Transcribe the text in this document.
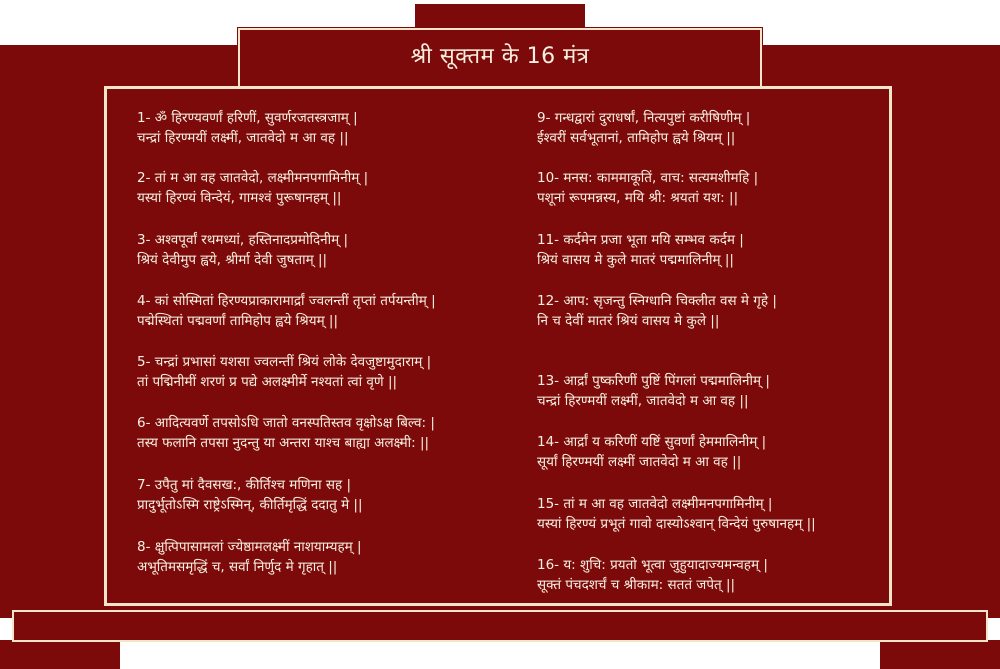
श्री सूक्तम के 16 मंत्र
1- ॐ हिरण्यवर्णां हरिणीं, सुवर्णरजतस्त्रजाम् |
चन्द्रां हिरण्मयीं लक्ष्मीं, जातवेदो म आ वह ||
2- तां म आ वह जातवेदो, लक्ष्मीमनपगामिनीम् |
यस्यां हिरण्यं विन्देयं, गामश्वं पुरूषानहम् ||
3- अश्वपूर्वां रथमध्यां, हस्तिनादप्रमोदिनीम् |
श्रियं देवीमुप ह्वये, श्रीर्मा देवी जुषताम् ||
4- कां सोस्मितां हिरण्यप्राकारामार्द्रां ज्वलन्तीं तृप्तां तर्पयन्तीम् |
पद्मेस्थितां पद्मवर्णां तामिहोप ह्वये श्रियम् ||
5- चन्द्रां प्रभासां यशसा ज्वलन्तीं श्रियं लोके देवजुष्टामुदाराम् |
तां पद्मिनीमीं शरणं प्र पद्ये अलक्ष्मीर्मे नश्यतां त्वां वृणे ||
6- आदित्यवर्णे तपसोऽधि जातो वनस्पतिस्तव वृक्षोऽक्ष बिल्व: |
तस्य फलानि तपसा नुदन्तु या अन्तरा याश्च बाह्या अलक्ष्मी: ||
7- उपैतु मां दैवसख:, कीर्तिश्च मणिना सह |
प्रादुर्भूतोऽस्मि राष्ट्रेऽस्मिन्, कीर्तिमृद्धिं ददातु मे ||
8- क्षुत्पिपासामलां ज्येष्ठामलक्ष्मीं नाशयाम्यहम् |
अभूतिमसमृद्धिं च, सर्वां निर्णुद मे गृहात् ||
9- गन्धद्वारां दुराधर्षां, नित्यपुष्टां करीषिणीम् |
ईश्वरीं सर्वभूतानां, तामिहोप ह्वये श्रियम् ||
10- मनस: काममाकूतिं, वाच: सत्यमशीमहि |
पशूनां रूपमन्नस्य, मयि श्री: श्रयतां यश: ||
11- कर्दमेन प्रजा भूता मयि सम्भव कर्दम |
श्रियं वासय मे कुले मातरं पद्ममालिनीम् ||
12- आप: सृजन्तु स्निग्धानि चिक्लीत वस मे गृहे |
नि च देवीं मातरं श्रियं वासय मे कुले ||
13- आर्द्रां पुष्करिणीं पुष्टिं पिंगलां पद्ममालिनीम् |
चन्द्रां हिरण्मयीं लक्ष्मीं, जातवेदो म आ वह ||
14- आर्द्रां य करिणीं यष्टिं सुवर्णां हेममालिनीम् |
सूर्यां हिरण्मयीं लक्ष्मीं जातवेदो म आ वह ||
15- तां म आ वह जातवेदो लक्ष्मीमनपगामिनीम् |
यस्यां हिरण्यं प्रभूतं गावो दास्योऽश्वान् विन्देयं पुरुषानहम् ||
16- य: शुचि: प्रयतो भूत्वा जुहुयादाज्यमन्वहम् |
सूक्तं पंचदशर्चं च श्रीकाम: सततं जपेत् ||
